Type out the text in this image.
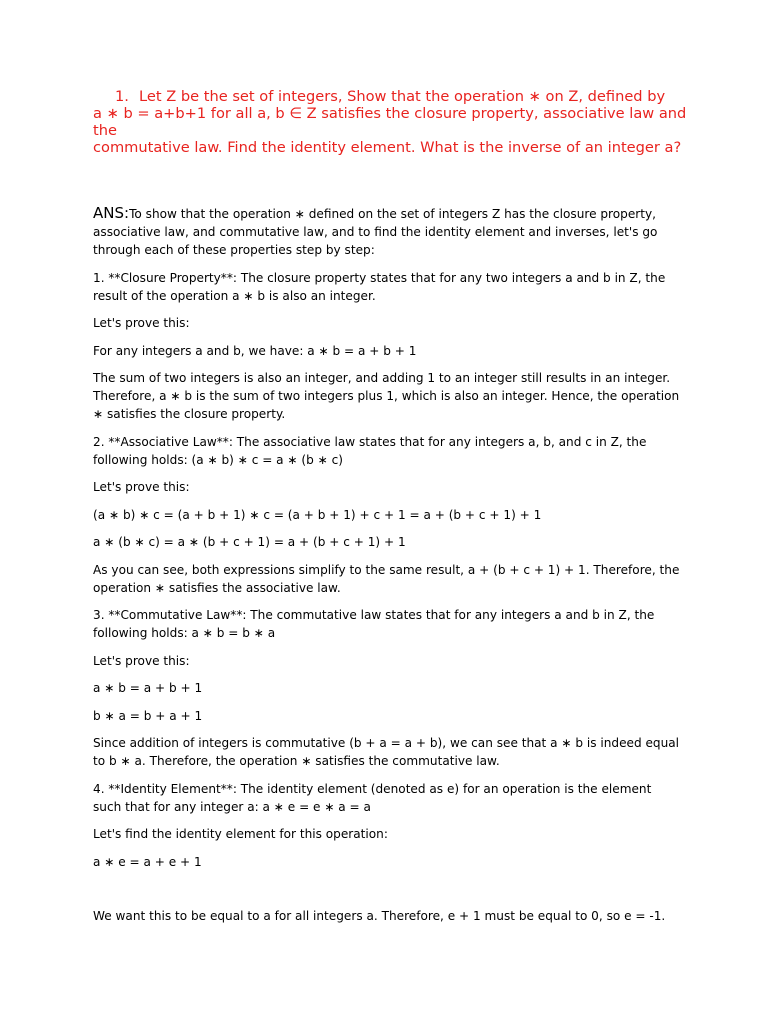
1. Let Z be the set of integers, Show that the operation ∗ on Z, defined by

a ∗ b = a+b+1 for all a, b ∈ Z satisfies the closure property, associative law and the

commutative law. Find the identity element. What is the inverse of an integer a?

ANS:To show that the operation ∗ defined on the set of integers Z has the closure property, associative law, and commutative law, and to find the identity element and inverses, let's go through each of these properties step by step:

1. **Closure Property**: The closure property states that for any two integers a and b in Z, the result of the operation a ∗ b is also an integer.

Let's prove this:

For any integers a and b, we have: a ∗ b = a + b + 1

The sum of two integers is also an integer, and adding 1 to an integer still results in an integer. Therefore, a ∗ b is the sum of two integers plus 1, which is also an integer. Hence, the operation ∗ satisfies the closure property.

2. **Associative Law**: The associative law states that for any integers a, b, and c in Z, the following holds: (a ∗ b) ∗ c = a ∗ (b ∗ c)

Let's prove this:

(a ∗ b) ∗ c = (a + b + 1) ∗ c = (a + b + 1) + c + 1 = a + (b + c + 1) + 1

a ∗ (b ∗ c) = a ∗ (b + c + 1) = a + (b + c + 1) + 1

As you can see, both expressions simplify to the same result, a + (b + c + 1) + 1. Therefore, the operation ∗ satisfies the associative law.

3. **Commutative Law**: The commutative law states that for any integers a and b in Z, the following holds: a ∗ b = b ∗ a

Let's prove this:

a ∗ b = a + b + 1

b ∗ a = b + a + 1

Since addition of integers is commutative (b + a = a + b), we can see that a ∗ b is indeed equal to b ∗ a. Therefore, the operation ∗ satisfies the commutative law.

4. **Identity Element**: The identity element (denoted as e) for an operation is the element such that for any integer a: a ∗ e = e ∗ a = a

Let's find the identity element for this operation:

a ∗ e = a + e + 1

We want this to be equal to a for all integers a. Therefore, e + 1 must be equal to 0, so e = -1.
